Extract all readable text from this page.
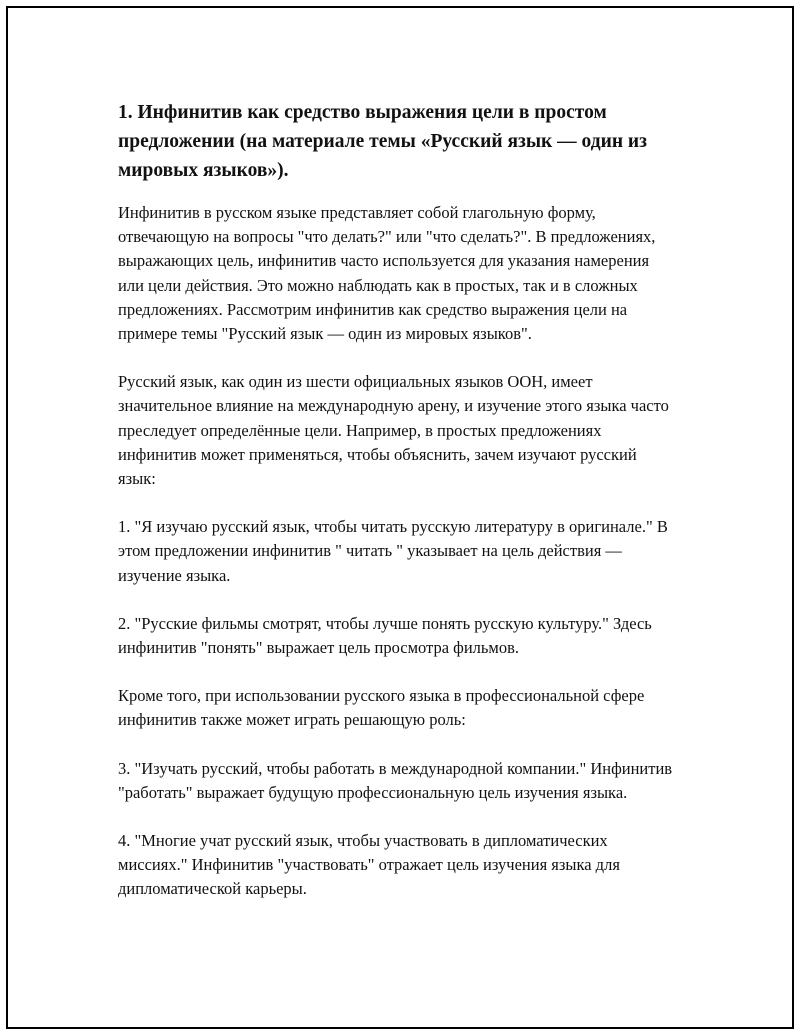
1. Инфинитив как средство выражения цели в простом предложении (на материале темы «Русский язык — один из мировых языков»).

Инфинитив в русском языке представляет собой глагольную форму, отвечающую на вопросы "что делать?" или "что сделать?". В предложениях, выражающих цель, инфинитив часто используется для указания намерения или цели действия. Это можно наблюдать как в простых, так и в сложных предложениях. Рассмотрим инфинитив как средство выражения цели на примере темы "Русский язык — один из мировых языков".

Русский язык, как один из шести официальных языков ООН, имеет значительное влияние на международную арену, и изучение этого языка часто преследует определённые цели. Например, в простых предложениях инфинитив может применяться, чтобы объяснить, зачем изучают русский язык:

1. "Я изучаю русский язык, чтобы читать русскую литературу в оригинале." В этом предложении инфинитив " читать " указывает на цель действия — изучение языка.

2. "Русские фильмы смотрят, чтобы лучше понять русскую культуру." Здесь инфинитив "понять" выражает цель просмотра фильмов.

Кроме того, при использовании русского языка в профессиональной сфере инфинитив также может играть решающую роль:

3. "Изучать русский, чтобы работать в международной компании." Инфинитив "работать" выражает будущую профессиональную цель изучения языка.

4. "Многие учат русский язык, чтобы участвовать в дипломатических миссиях." Инфинитив "участвовать" отражает цель изучения языка для дипломатической карьеры.
